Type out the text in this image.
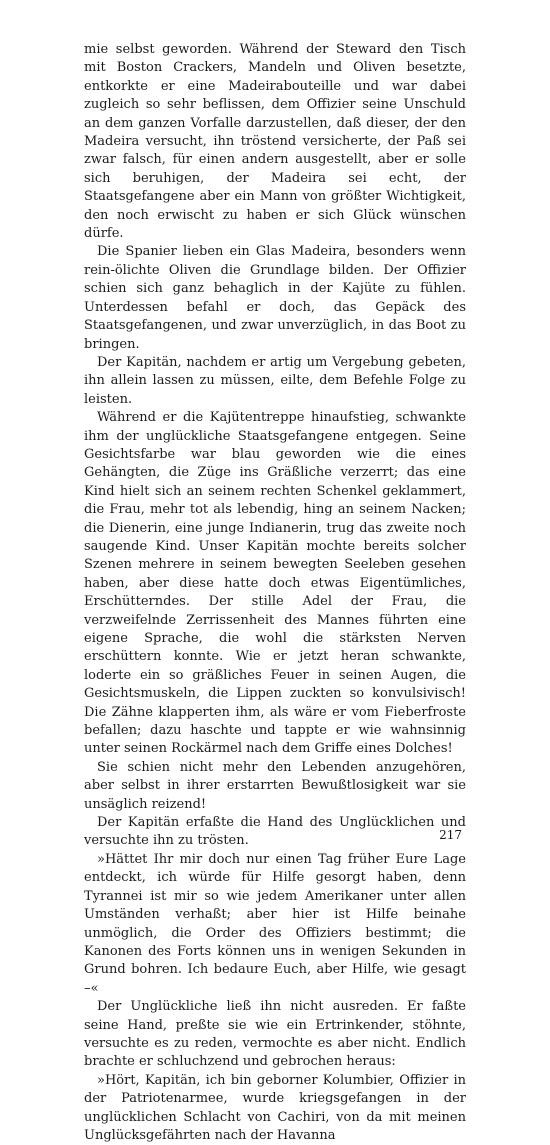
mie selbst geworden. Während der Steward den Tisch mit Boston Crackers, Mandeln und Oliven besetzte, entkorkte er eine Madeirabouteille und war dabei zugleich so sehr beflissen, dem Offizier seine Unschuld an dem ganzen Vorfalle darzustellen, daß dieser, der den Madeira versucht, ihn tröstend versicherte, der Paß sei zwar falsch, für einen andern ausgestellt, aber er solle sich beruhigen, der Madeira sei echt, der Staatsgefangene aber ein Mann von größter Wichtigkeit, den noch erwischt zu haben er sich Glück wünschen dürfe.

Die Spanier lieben ein Glas Madeira, besonders wenn rein-ölichte Oliven die Grundlage bilden. Der Offizier schien sich ganz behaglich in der Kajüte zu fühlen. Unterdessen befahl er doch, das Gepäck des Staatsgefangenen, und zwar unverzüglich, in das Boot zu bringen.

Der Kapitän, nachdem er artig um Vergebung gebeten, ihn allein lassen zu müssen, eilte, dem Befehle Folge zu leisten.

Während er die Kajütentreppe hinaufstieg, schwankte ihm der unglückliche Staatsgefangene entgegen. Seine Gesichtsfarbe war blau geworden wie die eines Gehängten, die Züge ins Gräßliche verzerrt; das eine Kind hielt sich an seinem rechten Schenkel geklammert, die Frau, mehr tot als lebendig, hing an seinem Nacken; die Dienerin, eine junge Indianerin, trug das zweite noch saugende Kind. Unser Kapitän mochte bereits solcher Szenen mehrere in seinem bewegten Seeleben gesehen haben, aber diese hatte doch etwas Eigentümliches, Erschütterndes. Der stille Adel der Frau, die verzweifelnde Zerrissenheit des Mannes führten eine eigene Sprache, die wohl die stärksten Nerven erschüttern konnte. Wie er jetzt heran schwankte, loderte ein so gräßliches Feuer in seinen Augen, die Gesichtsmuskeln, die Lippen zuckten so konvulsivisch! Die Zähne klapperten ihm, als wäre er vom Fieberfroste befallen; dazu haschte und tappte er wie wahnsinnig unter seinen Rockärmel nach dem Griffe eines Dolches!

Sie schien nicht mehr den Lebenden anzugehören, aber selbst in ihrer erstarrten Bewußtlosigkeit war sie unsäglich reizend!

Der Kapitän erfaßte die Hand des Unglücklichen und versuchte ihn zu trösten.

»Hättet Ihr mir doch nur einen Tag früher Eure Lage entdeckt, ich würde für Hilfe gesorgt haben, denn Tyrannei ist mir so wie jedem Amerikaner unter allen Umständen verhaßt; aber hier ist Hilfe beinahe unmöglich, die Order des Offiziers bestimmt; die Kanonen des Forts können uns in wenigen Sekunden in Grund bohren. Ich bedaure Euch, aber Hilfe, wie gesagt –«

Der Unglückliche ließ ihn nicht ausreden. Er faßte seine Hand, preßte sie wie ein Ertrinkender, stöhnte, versuchte es zu reden, vermochte es aber nicht. Endlich brachte er schluchzend und gebrochen heraus:

»Hört, Kapitän, ich bin geborner Kolumbier, Offizier in der Patriotenarmee, wurde kriegsgefangen in der unglücklichen Schlacht von Cachiri, von da mit meinen Unglücksgefährten nach der Havanna

217
